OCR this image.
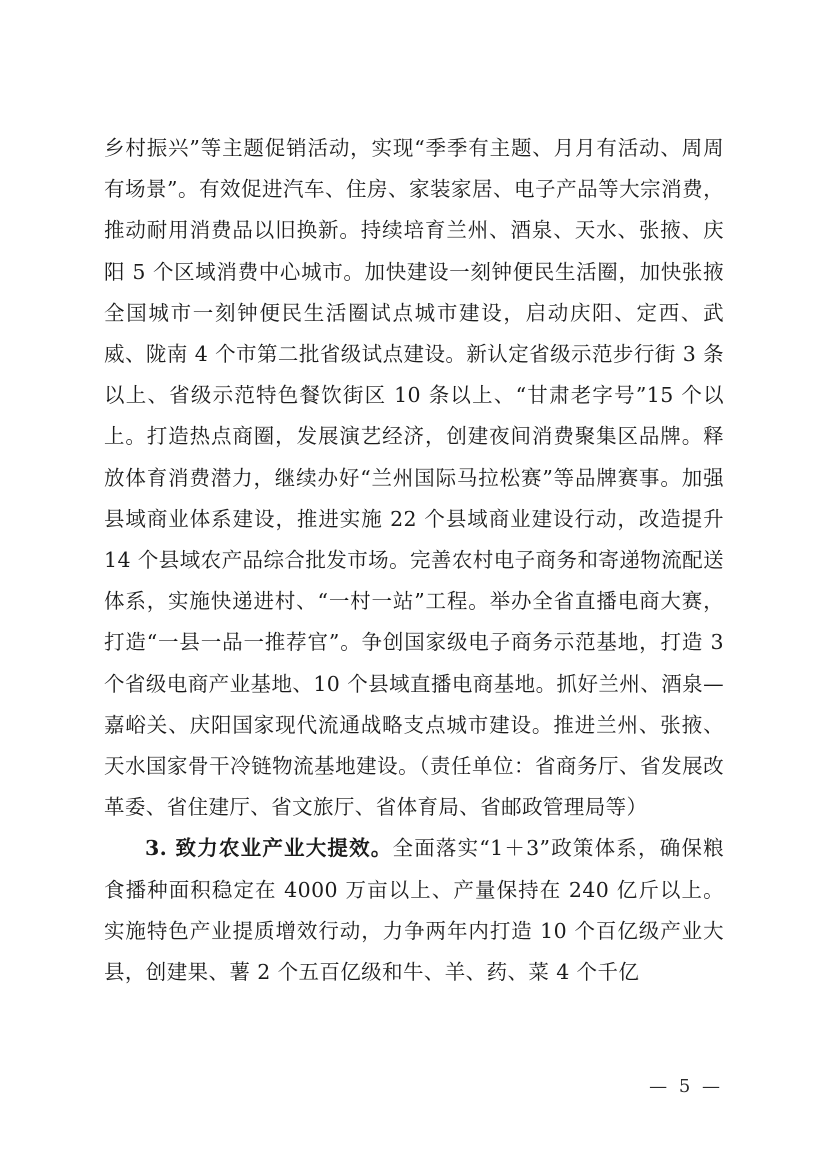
乡村振兴”等主题促销活动，实现“季季有主题、月月有活动、周周有场景”。有效促进汽车、住房、家装家居、电子产品等大宗消费，推动耐用消费品以旧换新。持续培育兰州、酒泉、天水、张掖、庆阳 5 个区域消费中心城市。加快建设一刻钟便民生活圈，加快张掖全国城市一刻钟便民生活圈试点城市建设，启动庆阳、定西、武威、陇南 4 个市第二批省级试点建设。新认定省级示范步行街 3 条以上、省级示范特色餐饮街区 10 条以上、“甘肃老字号”15 个以上。打造热点商圈，发展演艺经济，创建夜间消费聚集区品牌。释放体育消费潜力，继续办好“兰州国际马拉松赛”等品牌赛事。加强县域商业体系建设，推进实施 22 个县域商业建设行动，改造提升 14 个县域农产品综合批发市场。完善农村电子商务和寄递物流配送体系，实施快递进村、“一村一站”工程。举办全省直播电商大赛，打造“一县一品一推荐官”。争创国家级电子商务示范基地，打造 3 个省级电商产业基地、10 个县域直播电商基地。抓好兰州、酒泉—嘉峪关、庆阳国家现代流通战略支点城市建设。推进兰州、张掖、天水国家骨干冷链物流基地建设。（责任单位：省商务厅、省发展改革委、省住建厅、省文旅厅、省体育局、省邮政管理局等）

3. 致力农业产业大提效。全面落实“1＋3”政策体系，确保粮食播种面积稳定在 4000 万亩以上、产量保持在 240 亿斤以上。实施特色产业提质增效行动，力争两年内打造 10 个百亿级产业大县，创建果、薯 2 个五百亿级和牛、羊、药、菜 4 个千亿

— 5 —
